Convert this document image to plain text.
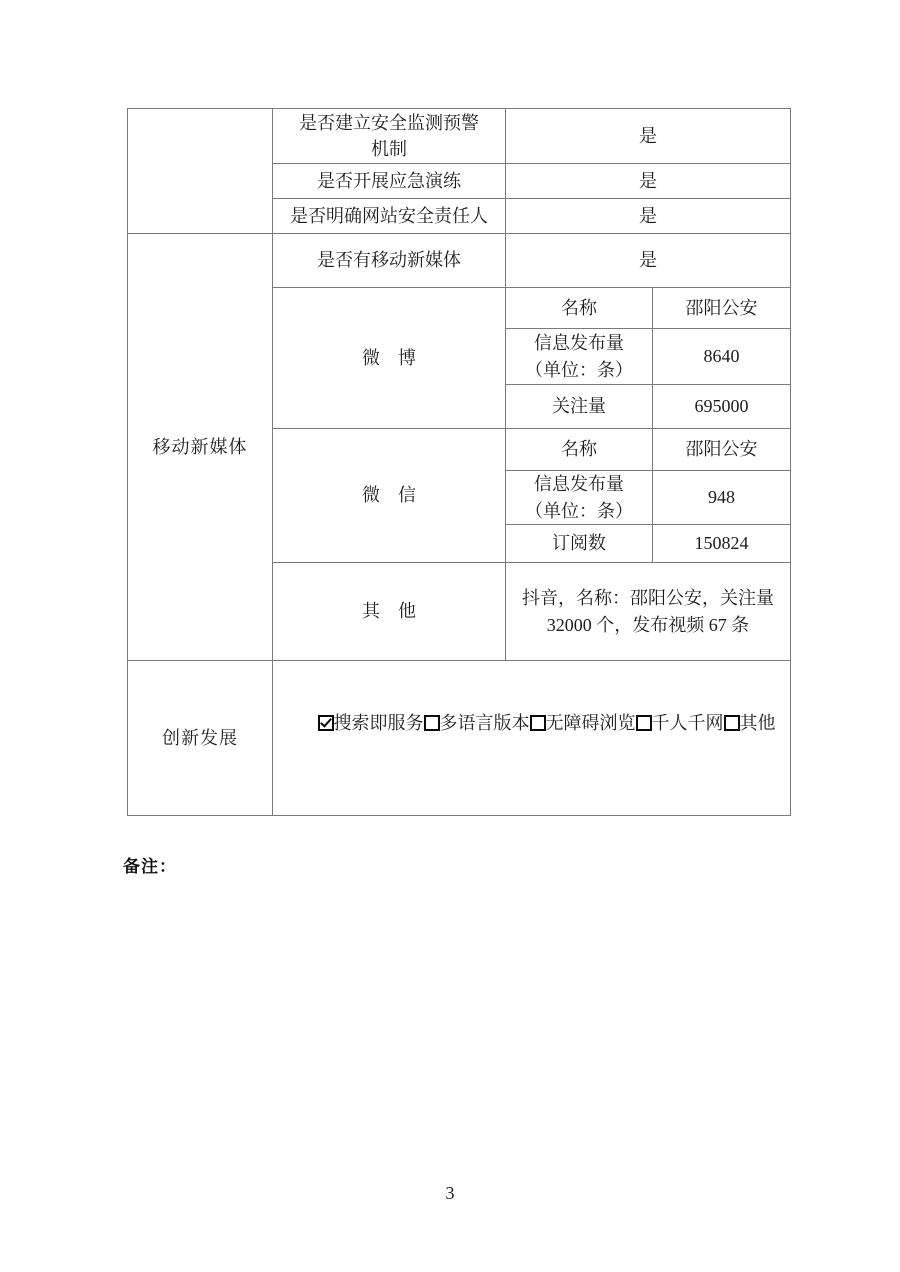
	是否建立安全监测预警
机制	是	
	是否开展应急演练	是	
	是否明确网站安全责任人	是	
移动新媒体	是否有移动新媒体	是	
	微　博	名称	邵阳公安

		信息发布量
（单位：条）	8640
		关注量	695000
	微　信	名称	邵阳公安

		信息发布量
（单位：条）	948
		订阅数	150824
	其　他	抖音，名称：邵阳公安，关注量
32000 个，发布视频 67 条	

创新发展	搜索即服务 多语言版本 无障碍浏览 千人千网 其他		
备注：
3
